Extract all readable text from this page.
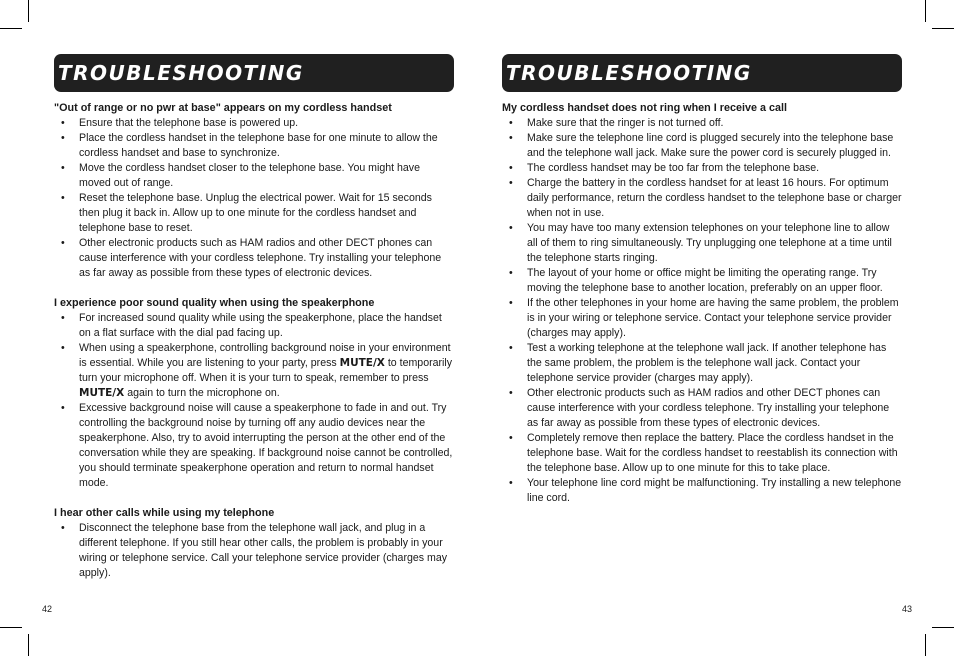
TROUBLESHOOTING
"Out of range or no pwr at base" appears on my cordless handset
• Ensure that the telephone base is powered up.
• Place the cordless handset in the telephone base for one minute to allow the cordless handset and base to synchronize.
• Move the cordless handset closer to the telephone base. You might have moved out of range.
• Reset the telephone base. Unplug the electrical power. Wait for 15 seconds then plug it back in. Allow up to one minute for the cordless handset and telephone base to reset.
• Other electronic products such as HAM radios and other DECT phones can cause interference with your cordless telephone. Try installing your telephone as far away as possible from these types of electronic devices.
I experience poor sound quality when using the speakerphone
• For increased sound quality while using the speakerphone, place the handset on a flat surface with the dial pad facing up.
• When using a speakerphone, controlling background noise in your environment is essential. While you are listening to your party, press MUTE/X to temporarily turn your microphone off. When it is your turn to speak, remember to press MUTE/X again to turn the microphone on.
• Excessive background noise will cause a speakerphone to fade in and out. Try controlling the background noise by turning off any audio devices near the speakerphone. Also, try to avoid interrupting the person at the other end of the conversation while they are speaking. If background noise cannot be controlled, you should terminate speakerphone operation and return to normal handset mode.
I hear other calls while using my telephone
• Disconnect the telephone base from the telephone wall jack, and plug in a different telephone. If you still hear other calls, the problem is probably in your wiring or telephone service. Call your telephone service provider (charges may apply).
42
TROUBLESHOOTING
My cordless handset does not ring when I receive a call
• Make sure that the ringer is not turned off.
• Make sure the telephone line cord is plugged securely into the telephone base and the telephone wall jack. Make sure the power cord is securely plugged in.
• The cordless handset may be too far from the telephone base.
• Charge the battery in the cordless handset for at least 16 hours. For optimum daily performance, return the cordless handset to the telephone base or charger when not in use.
• You may have too many extension telephones on your telephone line to allow all of them to ring simultaneously. Try unplugging one telephone at a time until the telephone starts ringing.
• The layout of your home or office might be limiting the operating range. Try moving the telephone base to another location, preferably on an upper floor.
• If the other telephones in your home are having the same problem, the problem is in your wiring or telephone service. Contact your telephone service provider (charges may apply).
• Test a working telephone at the telephone wall jack. If another telephone has the same problem, the problem is the telephone wall jack. Contact your telephone service provider (charges may apply).
• Other electronic products such as HAM radios and other DECT phones can cause interference with your cordless telephone. Try installing your telephone as far away as possible from these types of electronic devices.
• Completely remove then replace the battery. Place the cordless handset in the telephone base. Wait for the cordless handset to reestablish its connection with the telephone base. Allow up to one minute for this to take place.
• Your telephone line cord might be malfunctioning. Try installing a new telephone line cord.
43
